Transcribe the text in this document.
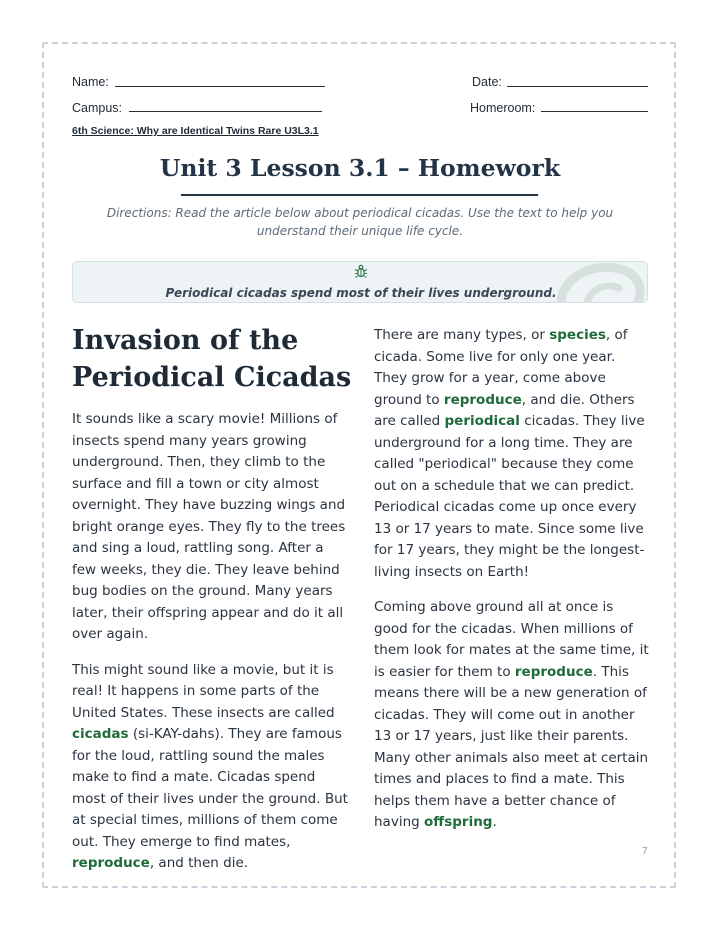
Name:	Date:
Campus:	Homeroom:
6th Science: Why are Identical Twins Rare U3L3.1
Unit 3 Lesson 3.1 – Homework
Directions: Read the article below about periodical cicadas. Use the text to help you understand their unique life cycle.
Periodical cicadas spend most of their lives underground.
Invasion of the Periodical Cicadas

It sounds like a scary movie! Millions of insects spend many years growing underground. Then, they climb to the surface and fill a town or city almost overnight. They have buzzing wings and bright orange eyes. They fly to the trees and sing a loud, rattling song. After a few weeks, they die. They leave behind bug bodies on the ground. Many years later, their offspring appear and do it all over again.

This might sound like a movie, but it is real! It happens in some parts of the United States. These insects are called cicadas (si-KAY-dahs). They are famous for the loud, rattling sound the males make to find a mate. Cicadas spend most of their lives under the ground. But at special times, millions of them come out. They emerge to find mates, reproduce, and then die.

There are many types, or species, of cicada. Some live for only one year. They grow for a year, come above ground to reproduce, and die. Others are called periodical cicadas. They live underground for a long time. They are called "periodical" because they come out on a schedule that we can predict. Periodical cicadas come up once every 13 or 17 years to mate. Since some live for 17 years, they might be the longest-living insects on Earth!

Coming above ground all at once is good for the cicadas. When millions of them look for mates at the same time, it is easier for them to reproduce. This means there will be a new generation of cicadas. They will come out in another 13 or 17 years, just like their parents. Many other animals also meet at certain times and places to find a mate. This helps them have a better chance of having offspring.

7
